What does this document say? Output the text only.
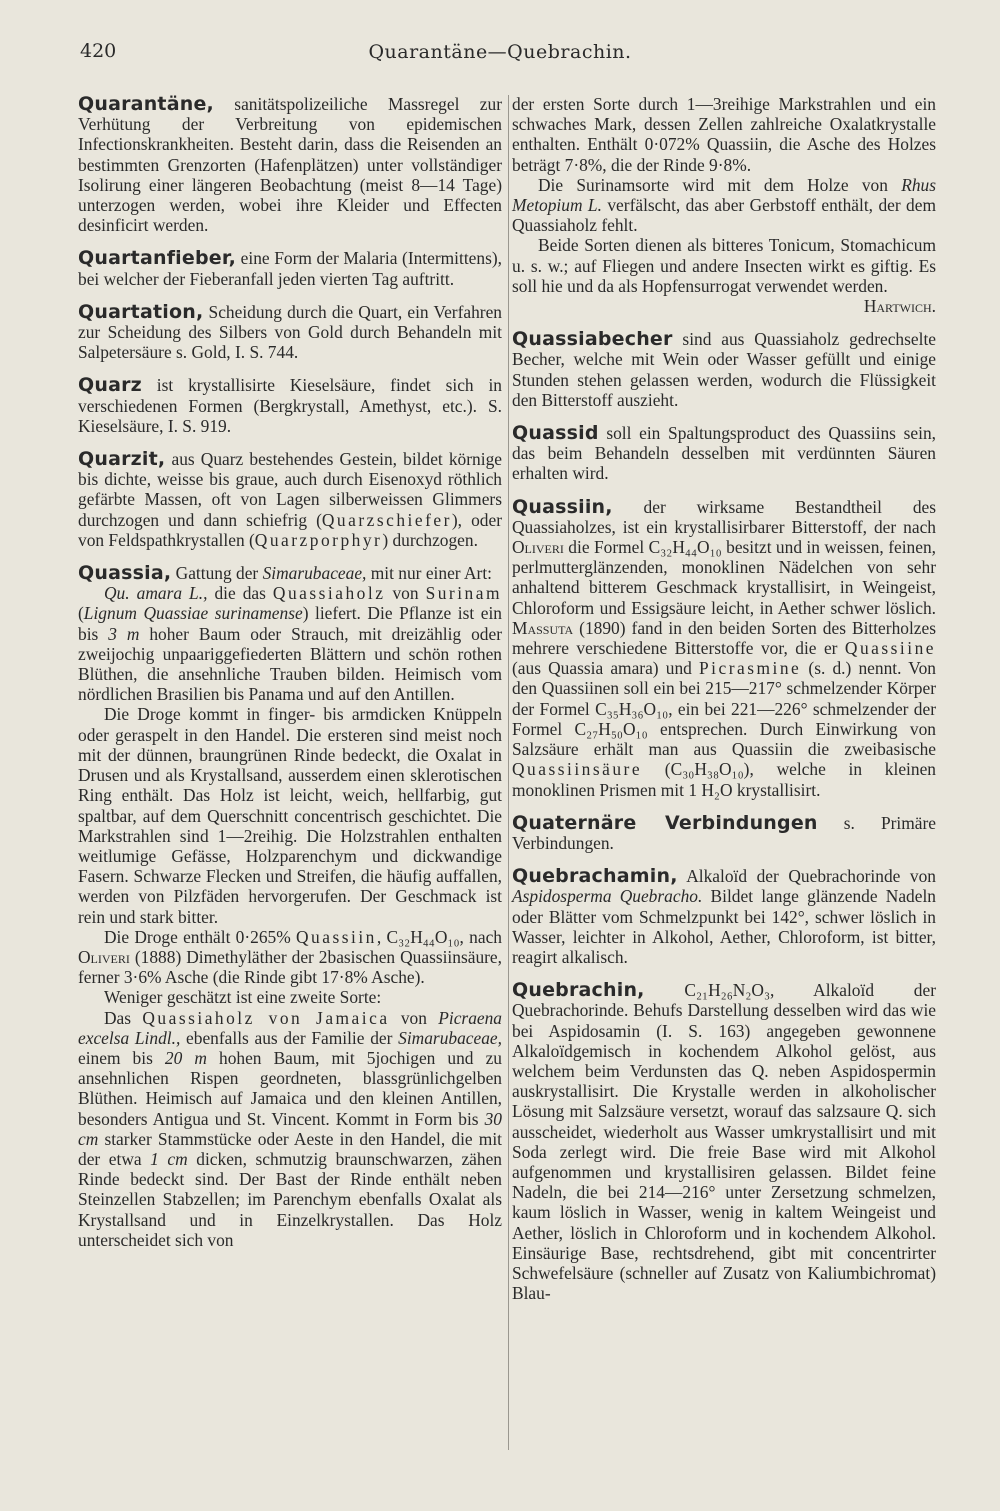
420	Quarantäne—Quebrachin.

Quarantäne, sanitätspolizeiliche Massregel zur Verhütung der Verbreitung von epidemischen Infectionskrankheiten. Besteht darin, dass die Reisenden an bestimmten Grenzorten (Hafenplätzen) unter vollständiger Isolirung einer längeren Beobachtung (meist 8—14 Tage) unterzogen werden, wobei ihre Kleider und Effecten desinficirt werden.

Quartanfieber, eine Form der Malaria (Intermittens), bei welcher der Fieberanfall jeden vierten Tag auftritt.

Quartation, Scheidung durch die Quart, ein Verfahren zur Scheidung des Silbers von Gold durch Behandeln mit Salpetersäure s. Gold, I. S. 744.

Quarz ist krystallisirte Kieselsäure, findet sich in verschiedenen Formen (Bergkrystall, Amethyst, etc.). S. Kieselsäure, I. S. 919.

Quarzit, aus Quarz bestehendes Gestein, bildet körnige bis dichte, weisse bis graue, auch durch Eisenoxyd röthlich gefärbte Massen, oft von Lagen silberweissen Glimmers durchzogen und dann schiefrig (Quarzschiefer), oder von Feldspathkrystallen (Quarzporphyr) durchzogen.

Quassia, Gattung der Simarubaceae, mit nur einer Art:

Qu. amara L., die das Quassiaholz von Surinam (Lignum Quassiae surinamense) liefert. Die Pflanze ist ein bis 3 m hoher Baum oder Strauch, mit dreizählig oder zweijochig unpaariggefiederten Blättern und schön rothen Blüthen, die ansehnliche Trauben bilden. Heimisch vom nördlichen Brasilien bis Panama und auf den Antillen.

Die Droge kommt in finger- bis armdicken Knüppeln oder geraspelt in den Handel. Die ersteren sind meist noch mit der dünnen, braungrünen Rinde bedeckt, die Oxalat in Drusen und als Krystallsand, ausserdem einen sklerotischen Ring enthält. Das Holz ist leicht, weich, hellfarbig, gut spaltbar, auf dem Querschnitt concentrisch geschichtet. Die Markstrahlen sind 1—2reihig. Die Holzstrahlen enthalten weitlumige Gefässe, Holzparenchym und dickwandige Fasern. Schwarze Flecken und Streifen, die häufig auffallen, werden von Pilzfäden hervorgerufen. Der Geschmack ist rein und stark bitter.

Die Droge enthält 0·265% Quassiin, C₃₂H₄₄O₁₀, nach Oliveri (1888) Dimethyläther der 2basischen Quassiinsäure, ferner 3·6% Asche (die Rinde gibt 17·8% Asche).

Weniger geschätzt ist eine zweite Sorte:

Das Quassiaholz von Jamaica von Picraena excelsa Lindl., ebenfalls aus der Familie der Simarubaceae, einem bis 20 m hohen Baum, mit 5jochigen und zu ansehnlichen Rispen geordneten, blassgrünlichgelben Blüthen. Heimisch auf Jamaica und den kleinen Antillen, besonders Antigua und St. Vincent. Kommt in Form bis 30 cm starker Stammstücke oder Aeste in den Handel, die mit der etwa 1 cm dicken, schmutzig braunschwarzen, zähen Rinde bedeckt sind. Der Bast der Rinde enthält neben Steinzellen Stabzellen; im Parenchym ebenfalls Oxalat als Krystallsand und in Einzelkrystallen. Das Holz unterscheidet sich von

der ersten Sorte durch 1—3reihige Markstrahlen und ein schwaches Mark, dessen Zellen zahlreiche Oxalatkrystalle enthalten. Enthält 0·072% Quassiin, die Asche des Holzes beträgt 7·8%, die der Rinde 9·8%.

Die Surinamsorte wird mit dem Holze von Rhus Metopium L. verfälscht, das aber Gerbstoff enthält, der dem Quassiaholz fehlt.

Beide Sorten dienen als bitteres Tonicum, Stomachicum u. s. w.; auf Fliegen und andere Insecten wirkt es giftig. Es soll hie und da als Hopfensurrogat verwendet werden.

Hartwich.

Quassiabecher sind aus Quassiaholz gedrechselte Becher, welche mit Wein oder Wasser gefüllt und einige Stunden stehen gelassen werden, wodurch die Flüssigkeit den Bitterstoff auszieht.

Quassid soll ein Spaltungsproduct des Quassiins sein, das beim Behandeln desselben mit verdünnten Säuren erhalten wird.

Quassiin, der wirksame Bestandtheil des Quassiaholzes, ist ein krystallisirbarer Bitterstoff, der nach Oliveri die Formel C₃₂H₄₄O₁₀ besitzt und in weissen, feinen, perlmutterglänzenden, monoklinen Nädelchen von sehr anhaltend bitterem Geschmack krystallisirt, in Weingeist, Chloroform und Essigsäure leicht, in Aether schwer löslich. Massuta (1890) fand in den beiden Sorten des Bitterholzes mehrere verschiedene Bitterstoffe vor, die er Quassiine (aus Quassia amara) und Picrasmine (s. d.) nennt. Von den Quassiinen soll ein bei 215—217° schmelzender Körper der Formel C₃₅H₃₆O₁₀, ein bei 221—226° schmelzender der Formel C₂₇H₅₀O₁₀ entsprechen. Durch Einwirkung von Salzsäure erhält man aus Quassiin die zweibasische Quassiinsäure (C₃₀H₃₈O₁₀), welche in kleinen monoklinen Prismen mit 1 H₂O krystallisirt.

Quaternäre Verbindungen s. Primäre Verbindungen.

Quebrachamin, Alkaloïd der Quebrachorinde von Aspidosperma Quebracho. Bildet lange glänzende Nadeln oder Blätter vom Schmelzpunkt bei 142°, schwer löslich in Wasser, leichter in Alkohol, Aether, Chloroform, ist bitter, reagirt alkalisch.

Quebrachin, C₂₁H₂₆N₂O₃, Alkaloïd der Quebrachorinde. Behufs Darstellung desselben wird das wie bei Aspidosamin (I. S. 163) angegeben gewonnene Alkaloïdgemisch in kochendem Alkohol gelöst, aus welchem beim Verdunsten das Q. neben Aspidospermin auskrystallisirt. Die Krystalle werden in alkoholischer Lösung mit Salzsäure versetzt, worauf das salzsaure Q. sich ausscheidet, wiederholt aus Wasser umkrystallisirt und mit Soda zerlegt wird. Die freie Base wird mit Alkohol aufgenommen und krystallisiren gelassen. Bildet feine Nadeln, die bei 214—216° unter Zersetzung schmelzen, kaum löslich in Wasser, wenig in kaltem Weingeist und Aether, löslich in Chloroform und in kochendem Alkohol. Einsäurige Base, rechtsdrehend, gibt mit concentrirter Schwefelsäure (schneller auf Zusatz von Kaliumbichromat) Blau-
